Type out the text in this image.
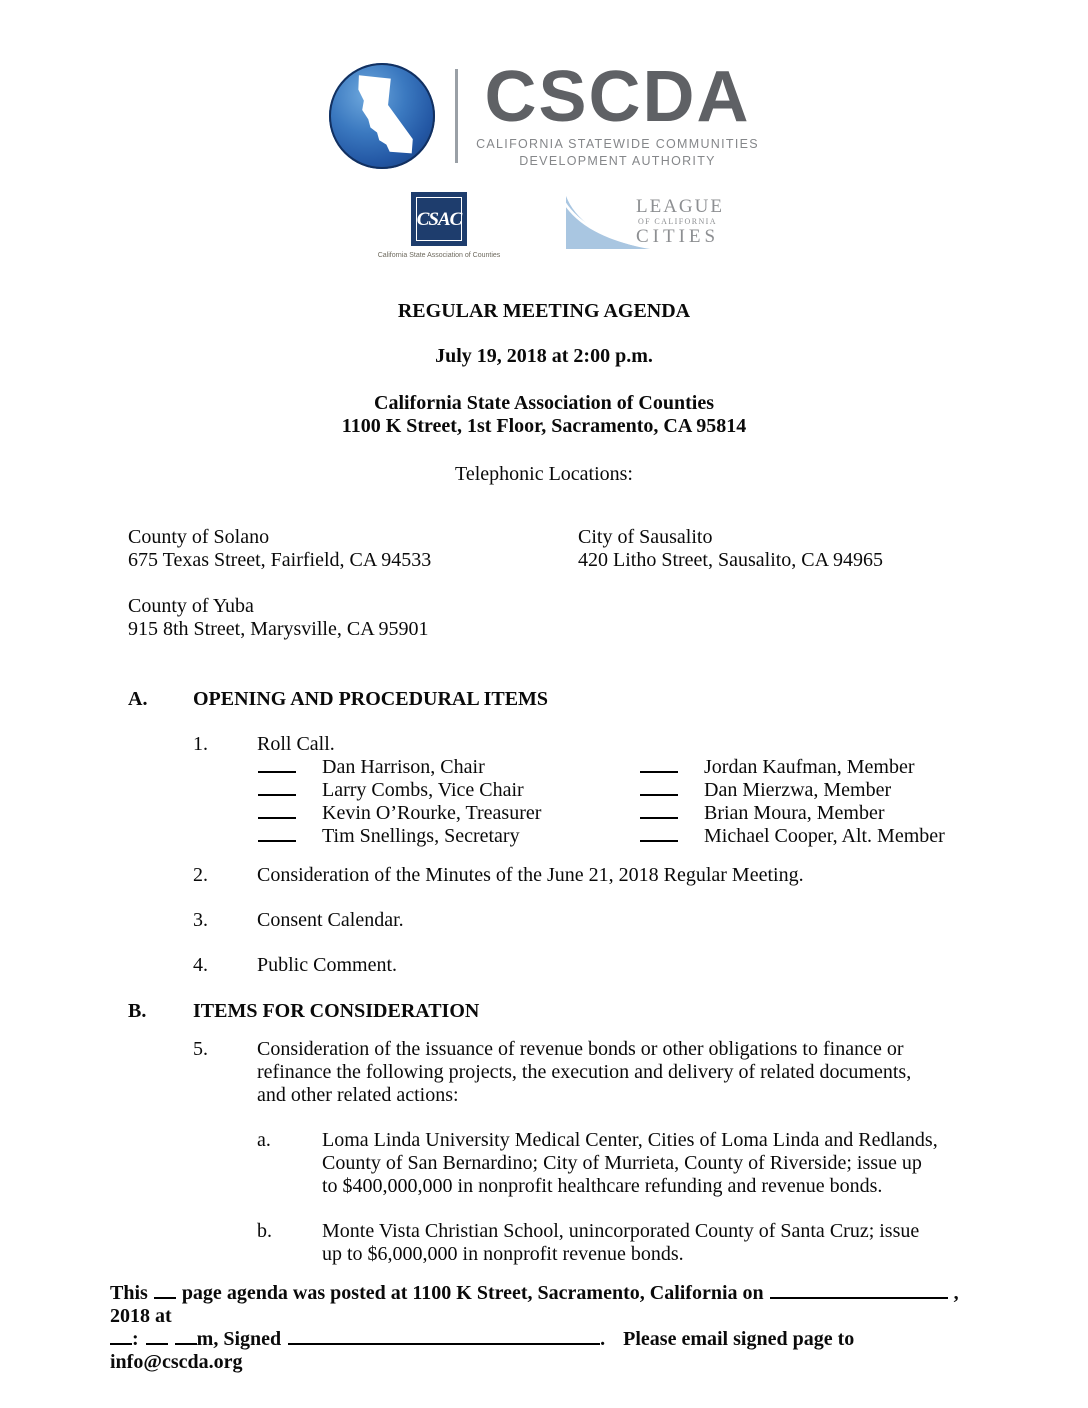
CSCDA
CALIFORNIA STATEWIDE COMMUNITIES
DEVELOPMENT AUTHORITY
CSAC
California State Association of Counties
LEAGUE
OF CALIFORNIA
CITIES
REGULAR MEETING AGENDA
July 19, 2018 at 2:00 p.m.
California State Association of Counties
1100 K Street, 1st Floor, Sacramento, CA 95814
Telephonic Locations:
County of Solano
675 Texas Street, Fairfield, CA 94533
City of Sausalito
420 Litho Street, Sausalito, CA 94965
County of Yuba
915 8th Street, Marysville, CA 95901
A.	OPENING AND PROCEDURAL ITEMS
1.	Roll Call.
Dan Harrison, Chair	Jordan Kaufman, Member
Larry Combs, Vice Chair	Dan Mierzwa, Member
Kevin O’Rourke, Treasurer	Brian Moura, Member
Tim Snellings, Secretary	Michael Cooper, Alt. Member
2.	Consideration of the Minutes of the June 21, 2018 Regular Meeting.
3.	Consent Calendar.
4.	Public Comment.
B.	ITEMS FOR CONSIDERATION
5.	Consideration of the issuance of revenue bonds or other obligations to finance or refinance the following projects, the execution and delivery of related documents, and other related actions:
a.	Loma Linda University Medical Center, Cities of Loma Linda and Redlands, County of San Bernardino; City of Murrieta, County of Riverside; issue up to $400,000,000 in nonprofit healthcare refunding and revenue bonds.
b.	Monte Vista Christian School, unincorporated County of Santa Cruz; issue up to $6,000,000 in nonprofit revenue bonds.
This page agenda was posted at 1100 K Street, Sacramento, California on	, 2018 at
:	m, Signed	. Please email signed page to info@cscda.org
